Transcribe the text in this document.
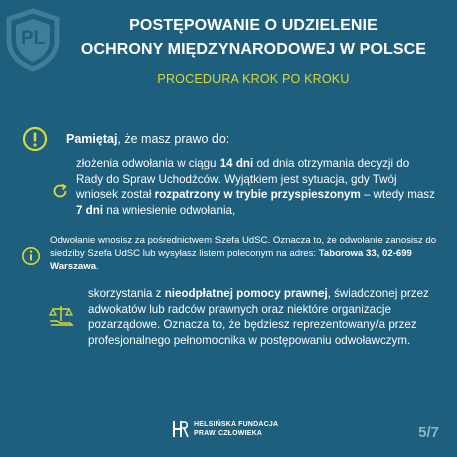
PL
POSTĘPOWANIE O UDZIELENIE
OCHRONY MIĘDZYNARODOWEJ W POLSCE
PROCEDURA KROK PO KROKU
Pamiętaj, że masz prawo do:
złożenia odwołania w ciągu 14 dni od dnia otrzymania decyzji do Rady do Spraw Uchodźców. Wyjątkiem jest sytuacja, gdy Twój wniosek został rozpatrzony w trybie przyspieszonym – wtedy masz 7 dni na wniesienie odwołania,
Odwołanie wnosisz za pośrednictwem Szefa UdSC. Oznacza to, że odwołanie zanosisz do siedziby Szefa UdSC lub wysyłasz listem poleconym na adres: Taborowa 33, 02-699 Warszawa.
skorzystania z nieodpłatnej pomocy prawnej, świadczonej przez adwokatów lub radców prawnych oraz niektóre organizacje pozarządowe. Oznacza to, że będziesz reprezentowany/a przez profesjonalnego pełnomocnika w postępowaniu odwoławczym.
HELSIŃSKA FUNDACJA
PRAW CZŁOWIEKA	5/7
